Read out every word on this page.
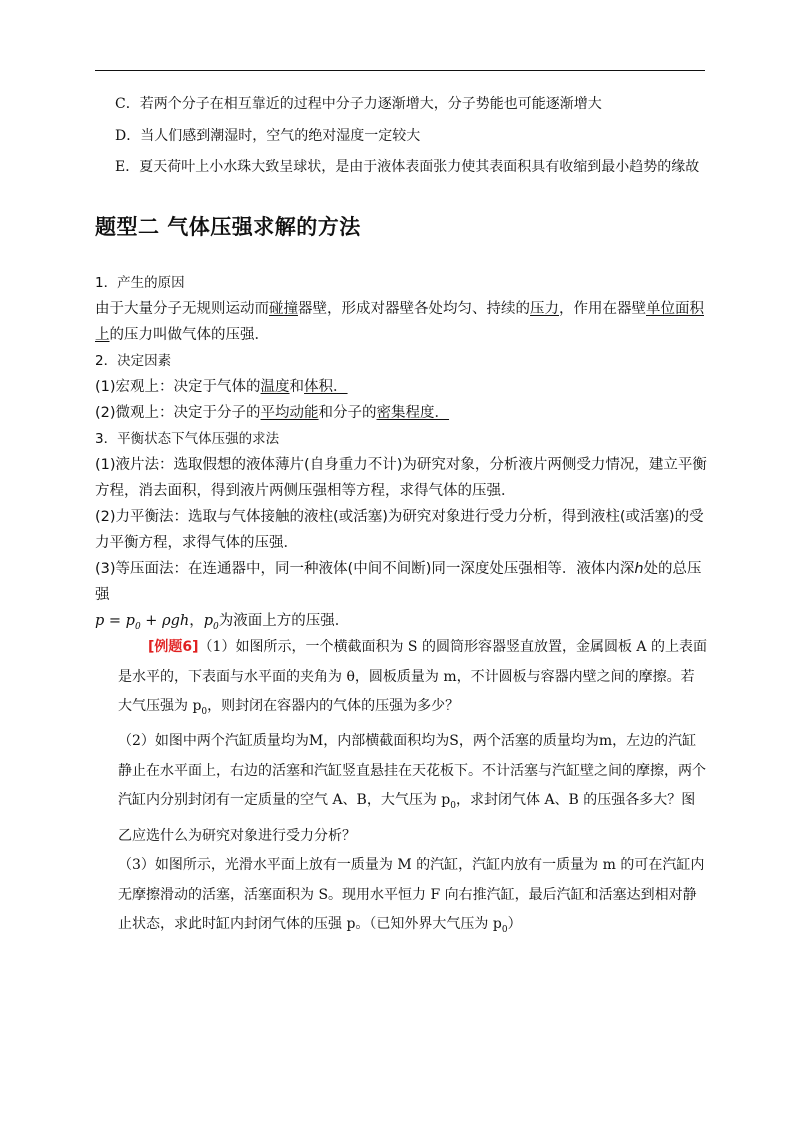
C．若两个分子在相互靠近的过程中分子力逐渐增大，分子势能也可能逐渐增大
D．当人们感到潮湿时，空气的绝对湿度一定较大
E．夏天荷叶上小水珠大致呈球状，是由于液体表面张力使其表面积具有收缩到最小趋势的缘故
题型二 气体压强求解的方法
1．产生的原因
由于大量分子无规则运动而碰撞器壁，形成对器壁各处均匀、持续的压力，作用在器壁单位面积上的压力叫做气体的压强．
2．决定因素
(1)宏观上：决定于气体的温度和体积．
(2)微观上：决定于分子的平均动能和分子的密集程度．
3．平衡状态下气体压强的求法
(1)液片法：选取假想的液体薄片(自身重力不计)为研究对象，分析液片两侧受力情况，建立平衡方程，消去面积，得到液片两侧压强相等方程，求得气体的压强．
(2)力平衡法：选取与气体接触的液柱(或活塞)为研究对象进行受力分析，得到液柱(或活塞)的受力平衡方程，求得气体的压强．
(3)等压面法：在连通器中，同一种液体(中间不间断)同一深度处压强相等．液体内深h处的总压强
$p = p_0 + \rho gh$，$p_0$为液面上方的压强．
[例题6]（1）如图所示，一个横截面积为 S 的圆筒形容器竖直放置，金属圆板 A 的上表面是水平的，下表面与水平面的夹角为 θ，圆板质量为 m，不计圆板与容器内壁之间的摩擦。若大气压强为 $p_0$，则封闭在容器内的气体的压强为多少？
（2）如图中两个汽缸质量均为M，内部横截面积均为S，两个活塞的质量均为m，左边的汽缸静止在水平面上，右边的活塞和汽缸竖直悬挂在天花板下。不计活塞与汽缸壁之间的摩擦，两个汽缸内分别封闭有一定质量的空气 A、B，大气压为 $p_0$，求封闭气体 A、B 的压强各多大？图乙应选什么为研究对象进行受力分析？
（3）如图所示，光滑水平面上放有一质量为 M 的汽缸，汽缸内放有一质量为 m 的可在汽缸内无摩擦滑动的活塞，活塞面积为 S。现用水平恒力 F 向右推汽缸，最后汽缸和活塞达到相对静止状态，求此时缸内封闭气体的压强 p。（已知外界大气压为 $p_0$）
